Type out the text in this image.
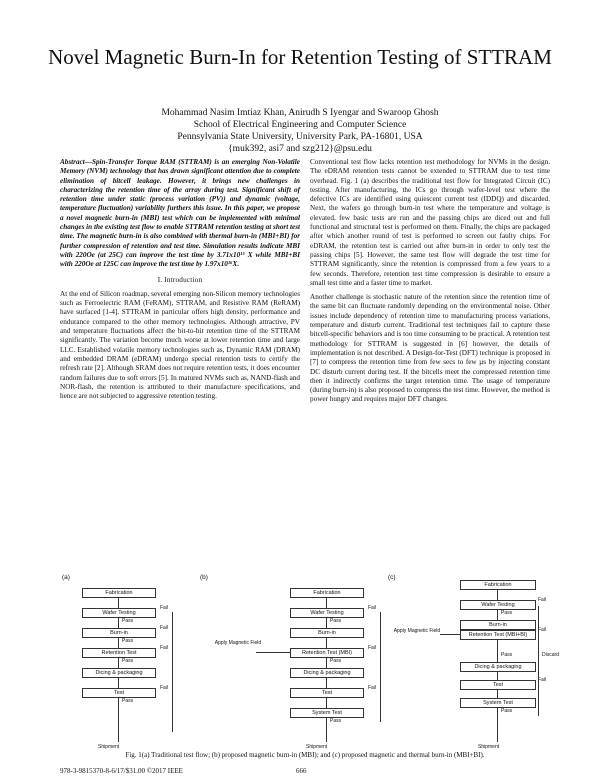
Novel Magnetic Burn-In for Retention Testing of STTRAM
Mohammad Nasim Imtiaz Khan, Anirudh S Iyengar and Swaroop Ghosh
School of Electrical Engineering and Computer Science
Pennsylvania State University, University Park, PA-16801, USA
{muk392, asi7 and szg212}@psu.edu

Abstract—Spin-Transfer Torque RAM (STTRAM) is an emerging Non-Volatile Memory (NVM) technology that has drawn significant attention due to complete elimination of bitcell leakage. However, it brings new challenges in characterizing the retention time of the array during test. Significant shift of retention time under static (process variation (PV)) and dynamic (voltage, temperature fluctuation) variability furthers this issue. In this paper, we propose a novel magnetic burn-in (MBI) test which can be implemented with minimal changes in the existing test flow to enable STTRAM retention testing at short test time. The magnetic burn-in is also combined with thermal burn-in (MBI+BI) for further compression of retention and test time. Simulation results indicate MBI with 220Oe (at 25C) can improve the test time by 3.71x10¹⁵ X while MBI+BI with 220Oe at 125C can improve the test time by 1.97x10¹⁶X.

I. Introduction

At the end of Silicon roadmap, several emerging non-Silicon memory technologies such as Ferroelectric RAM (FeRAM), STTRAM, and Resistive RAM (ReRAM) have surfaced [1-4]. STTRAM in particular offers high density, performance and endurance compared to the other memory technologies. Although attractive, PV and temperature fluctuations affect the bit-to-bit retention time of the STTRAM significantly. The variation become much worse at lower retention time and large LLC. Established volatile memory technologies such as, Dynamic RAM (DRAM) and embedded DRAM (eDRAM) undergo special retention tests to certify the refresh rate [2]. Although SRAM does not require retention tests, it does encounter random failures due to soft errors [5]. In matured NVMs such as, NAND-flash and NOR-flash, the retention is attributed to their manufacture specifications, and hence are not subjected to aggressive retention testing.

Conventional test flow lacks retention test methodology for NVMs in the design. The eDRAM retention tests cannot be extended to STTRAM due to test time overhead. Fig. 1 (a) describes the traditional test flow for Integrated Circuit (IC) testing. After manufacturing, the ICs go through wafer-level test where the defective ICs are identified using quiescent current test (IDDQ) and discarded. Next, the wafers go through burn-in test where the temperature and voltage is elevated, few basic tests are run and the passing chips are diced out and full functional and structural test is performed on them. Finally, the chips are packaged after which another round of test is performed to screen out faulty chips. For eDRAM, the retention test is carried out after burn-in in order to only test the passing chips [5]. However, the same test flow will degrade the test time for STTRAM significantly, since the retention is compressed from a few years to a few seconds. Therefore, retention test time compression is desirable to ensure a small test time and a faster time to market.

Another challenge is stochastic nature of the retention since the retention time of the same bit can fluctuate randomly depending on the environmental noise. Other issues include dependency of retention time to manufacturing process variations, temperature and disturb current. Traditional test techniques fail to capture these bitcell-specific behaviors and is too time consuming to be practical. A retention test methodology for STTRAM is suggested in [6] however, the details of implementation is not described. A Design-for-Test (DFT) technique is proposed in [7] to compress the retention time from few secs to few µs by injecting constant DC disturb current during test. If the bitcells meet the compressed retention time then it indirectly confirms the target retention time. The usage of temperature (during burn-in) is also proposed to compress the test time. However, the method is power hungry and requires major DFT changes.

(a)
Fabrication
Wafer Testing
Burn-in
Retention Test
Dicing & packaging
Test
Pass
Pass
Pass
Pass
Fail
Fail
Fail
Fail
Shipment
(b)
Fabrication
Wafer Testing
Burn-in
Retention Test (MBI)
Dicing & packaging
Test
System Test
Apply Magnetic Field
Pass
Pass
Pass
Fail
Fail
Fail
Shipment
(c)
Fabrication
Wafer Testing
Burn-in
Retention Test (MBI+BI)
Dicing & packaging
Test
System Test
Apply Magnetic Field
Pass
Pass
Pass
Fail
Fail
Fail
Discard
Shipment
Fig. 1(a) Traditional test flow; (b) proposed magnetic burn-in (MBI); and (c) proposed magnetic and thermal burn-in (MBI+BI).
978-3-9815370-8-6/17/$31.00 ©2017 IEEE	666
